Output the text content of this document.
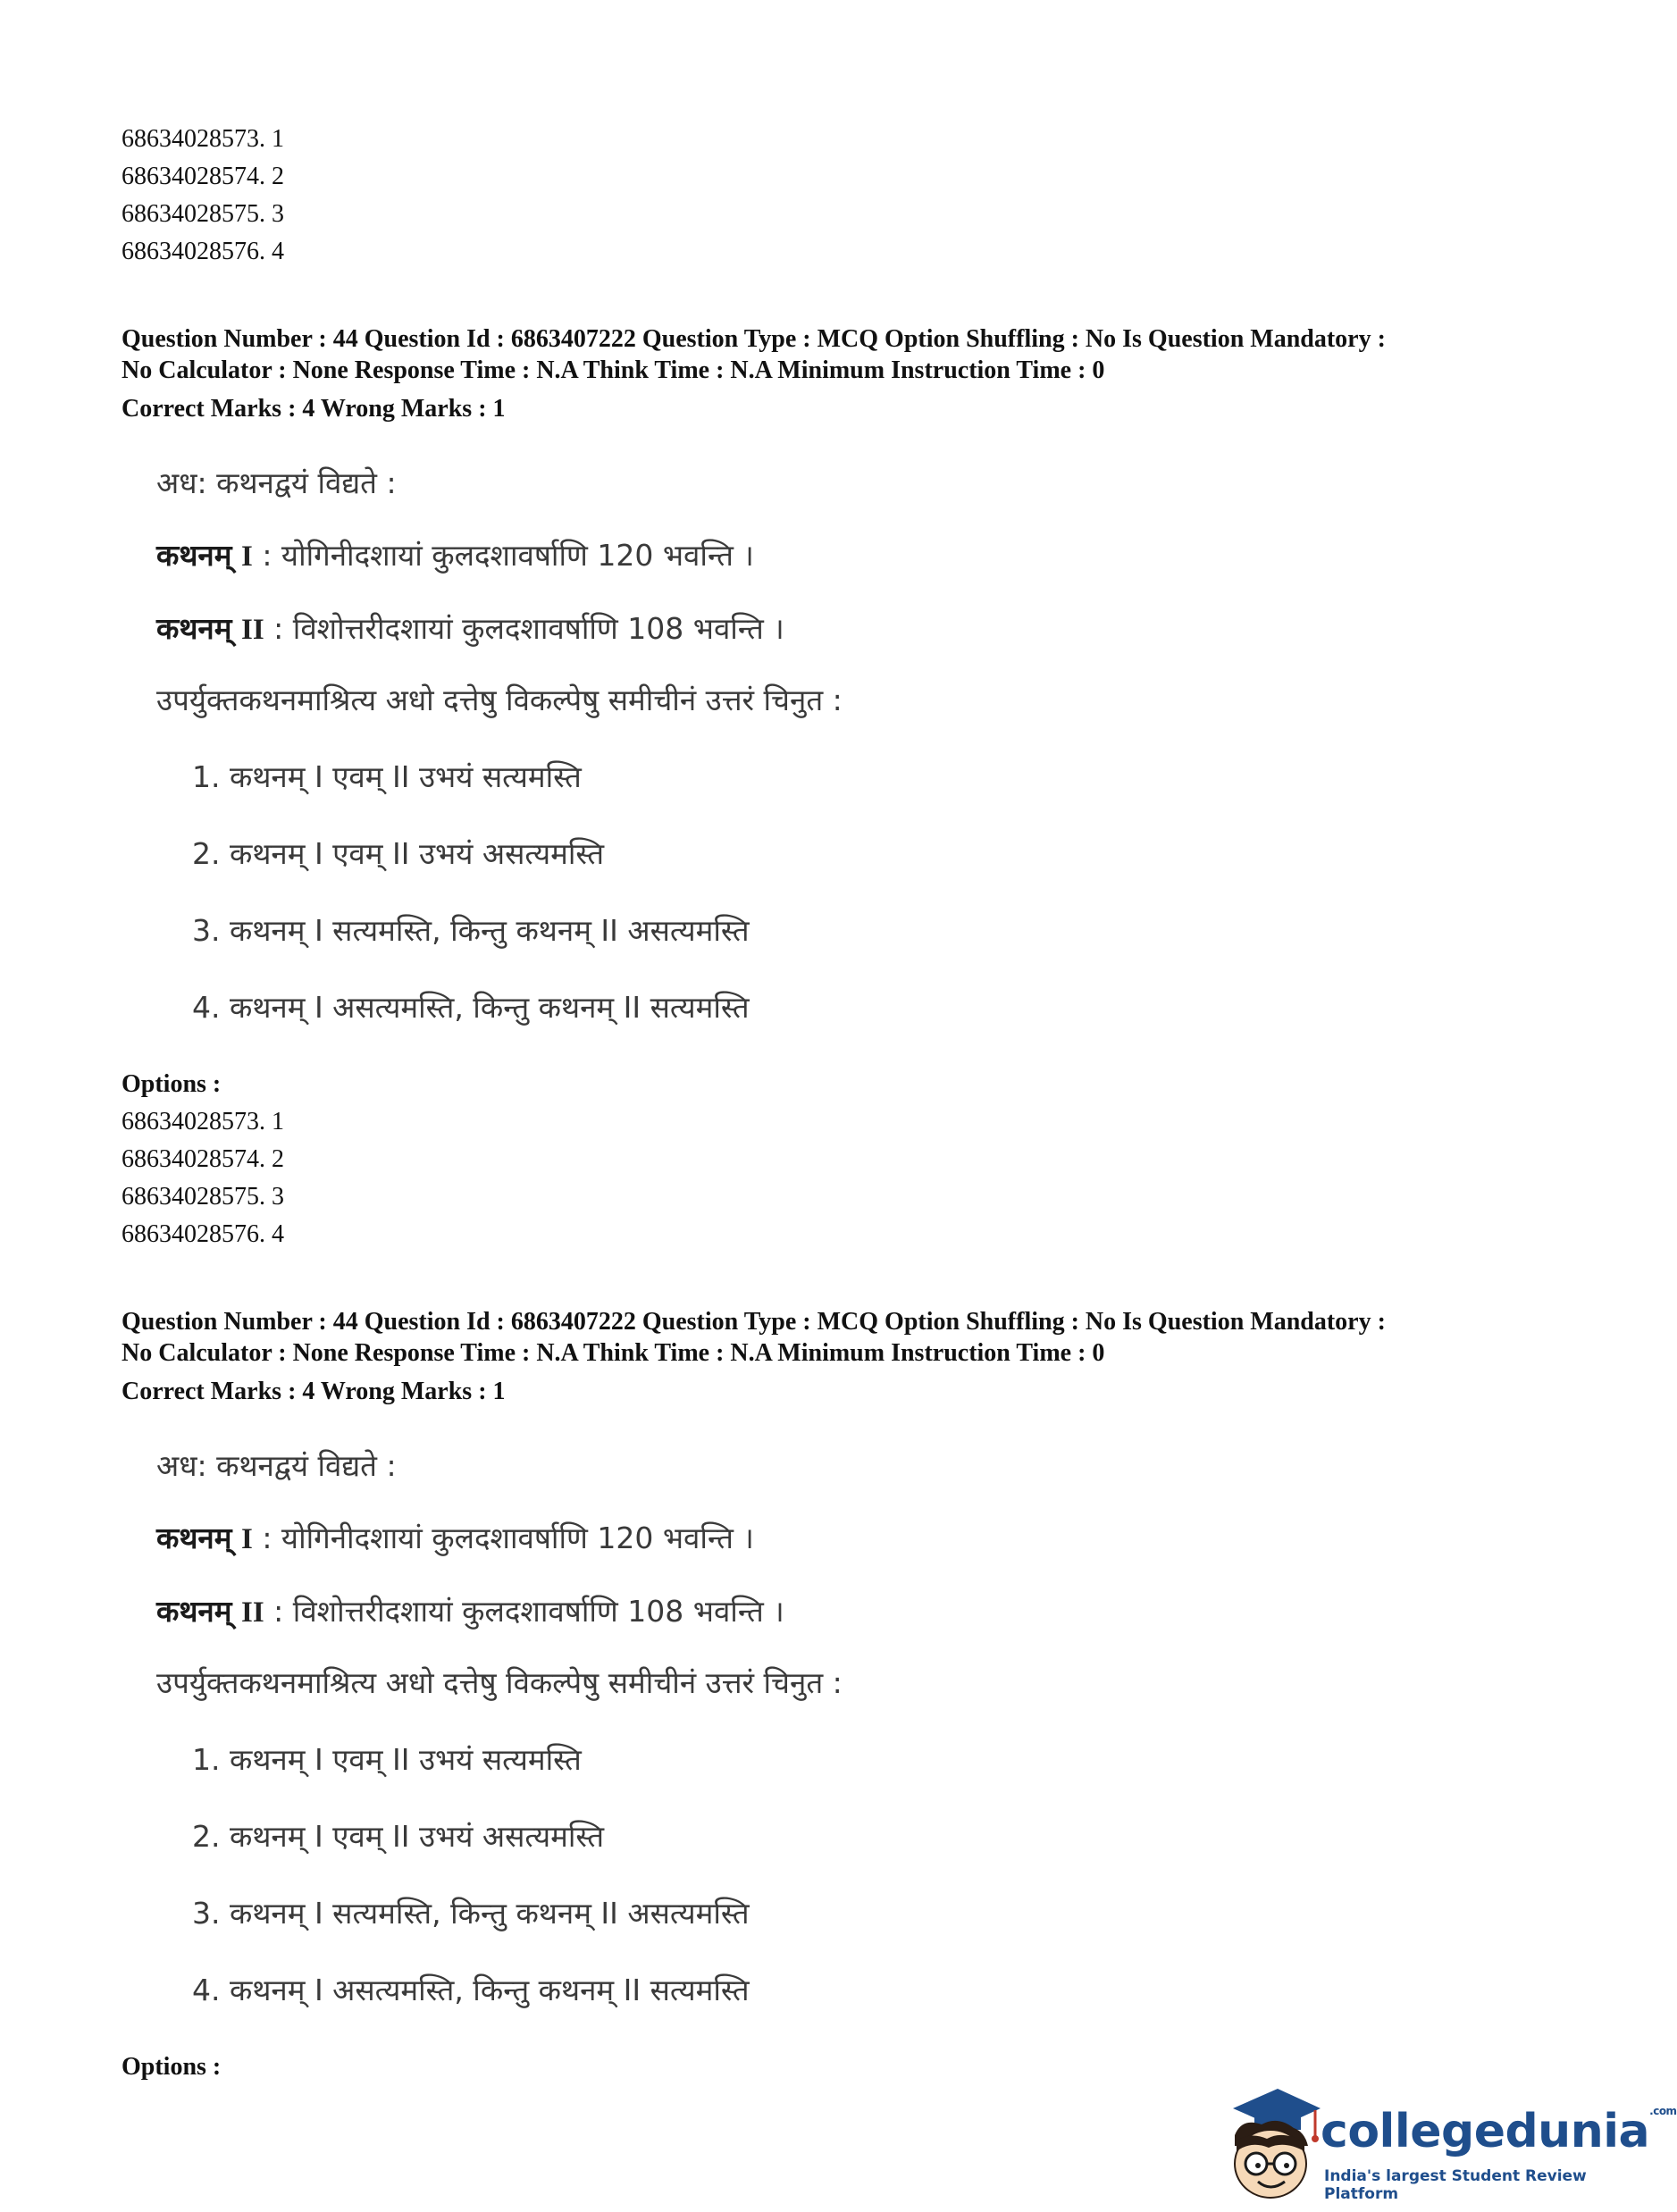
68634028573. 1
68634028574. 2
68634028575. 3
68634028576. 4
Question Number : 44 Question Id : 6863407222 Question Type : MCQ Option Shuffling : No Is Question Mandatory :
No Calculator : None Response Time : N.A Think Time : N.A Minimum Instruction Time : 0
Correct Marks : 4 Wrong Marks : 1
अध: कथनद्वयं विद्यते :
कथनम् I : योगिनीदशायां कुलदशावर्षाणि 120 भवन्ति ।
कथनम् II : विशोत्तरीदशायां कुलदशावर्षाणि 108 भवन्ति ।
उपर्युक्तकथनमाश्रित्य अधो दत्तेषु विकल्पेषु समीचीनं उत्तरं चिनुत :
1. कथनम् I एवम् II उभयं सत्यमस्ति
2. कथनम् I एवम् II उभयं असत्यमस्ति
3. कथनम् I सत्यमस्ति, किन्तु कथनम् II असत्यमस्ति
4. कथनम् I असत्यमस्ति, किन्तु कथनम् II सत्यमस्ति
Options :
68634028573. 1
68634028574. 2
68634028575. 3
68634028576. 4
Question Number : 44 Question Id : 6863407222 Question Type : MCQ Option Shuffling : No Is Question Mandatory :
No Calculator : None Response Time : N.A Think Time : N.A Minimum Instruction Time : 0
Correct Marks : 4 Wrong Marks : 1
अध: कथनद्वयं विद्यते :
कथनम् I : योगिनीदशायां कुलदशावर्षाणि 120 भवन्ति ।
कथनम् II : विशोत्तरीदशायां कुलदशावर्षाणि 108 भवन्ति ।
उपर्युक्तकथनमाश्रित्य अधो दत्तेषु विकल्पेषु समीचीनं उत्तरं चिनुत :
1. कथनम् I एवम् II उभयं सत्यमस्ति
2. कथनम् I एवम् II उभयं असत्यमस्ति
3. कथनम् I सत्यमस्ति, किन्तु कथनम् II असत्यमस्ति
4. कथनम् I असत्यमस्ति, किन्तु कथनम् II सत्यमस्ति
Options :
collegedunia$^{.com}$
India's largest Student Review Platform
